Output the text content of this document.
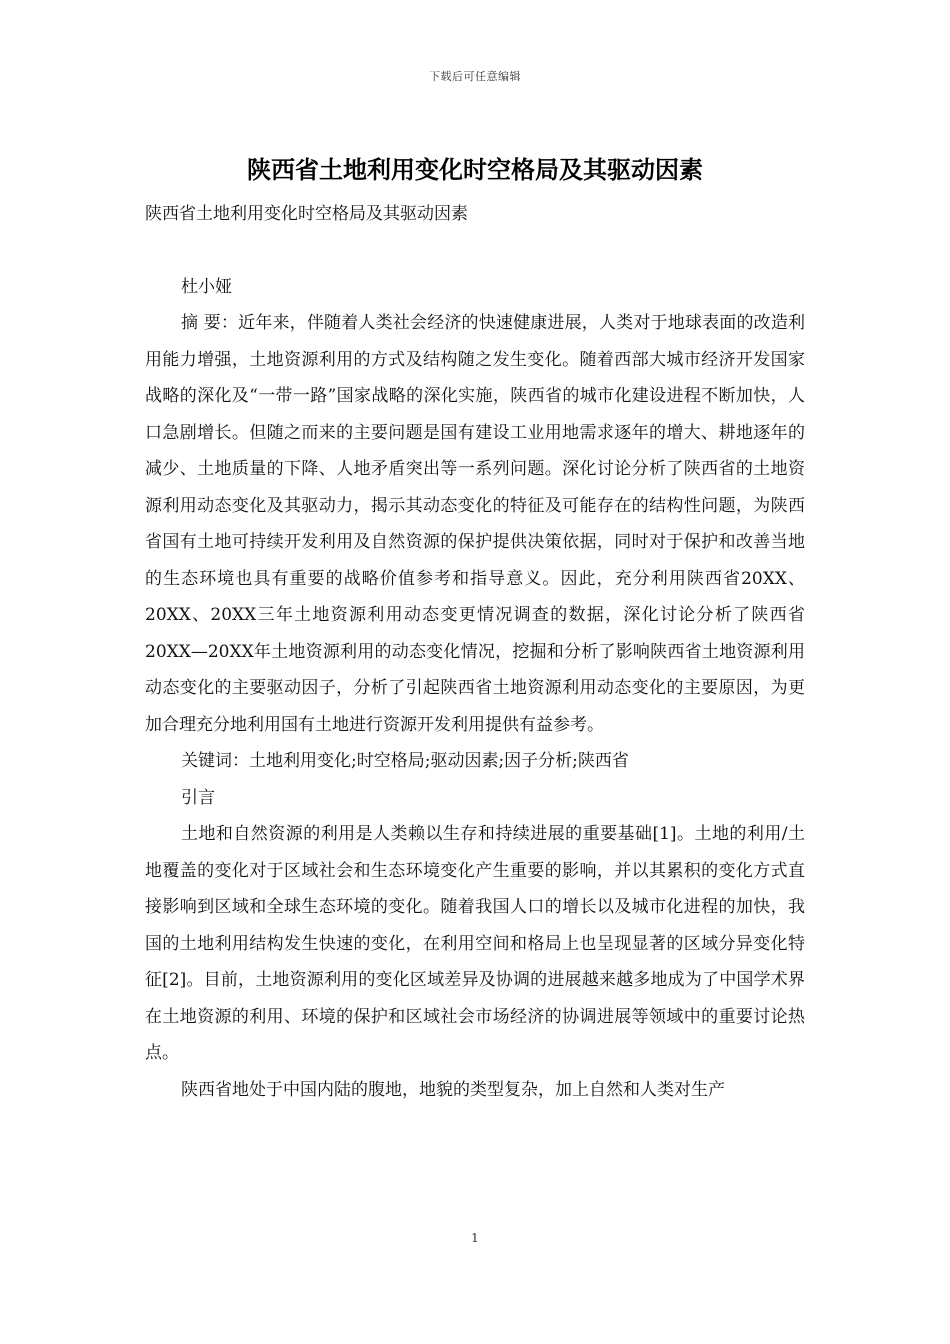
下载后可任意编辑
陕西省土地利用变化时空格局及其驱动因素

陕西省土地利用变化时空格局及其驱动因素

杜小娅

摘 要：近年来，伴随着人类社会经济的快速健康进展，人类对于地球表面的改造利用能力增强，土地资源利用的方式及结构随之发生变化。随着西部大城市经济开发国家战略的深化及“一带一路”国家战略的深化实施，陕西省的城市化建设进程不断加快，人口急剧增长。但随之而来的主要问题是国有建设工业用地需求逐年的增大、耕地逐年的减少、土地质量的下降、人地矛盾突出等一系列问题。深化讨论分析了陕西省的土地资源利用动态变化及其驱动力，揭示其动态变化的特征及可能存在的结构性问题，为陕西省国有土地可持续开发利用及自然资源的保护提供决策依据，同时对于保护和改善当地的生态环境也具有重要的战略价值参考和指导意义。因此，充分利用陕西省20XX、20XX、20XX三年土地资源利用动态变更情况调查的数据，深化讨论分析了陕西省20XX—20XX年土地资源利用的动态变化情况，挖掘和分析了影响陕西省土地资源利用动态变化的主要驱动因子，分析了引起陕西省土地资源利用动态变化的主要原因，为更加合理充分地利用国有土地进行资源开发利用提供有益参考。

关键词：土地利用变化;时空格局;驱动因素;因子分析;陕西省

引言

土地和自然资源的利用是人类赖以生存和持续进展的重要基础[1]。土地的利用/土地覆盖的变化对于区域社会和生态环境变化产生重要的影响，并以其累积的变化方式直接影响到区域和全球生态环境的变化。随着我国人口的增长以及城市化进程的加快，我国的土地利用结构发生快速的变化，在利用空间和格局上也呈现显著的区域分异变化特征[2]。目前，土地资源利用的变化区域差异及协调的进展越来越多地成为了中国学术界在土地资源的利用、环境的保护和区域社会市场经济的协调进展等领域中的重要讨论热点。

陕西省地处于中国内陆的腹地，地貌的类型复杂，加上自然和人类对生产

1
